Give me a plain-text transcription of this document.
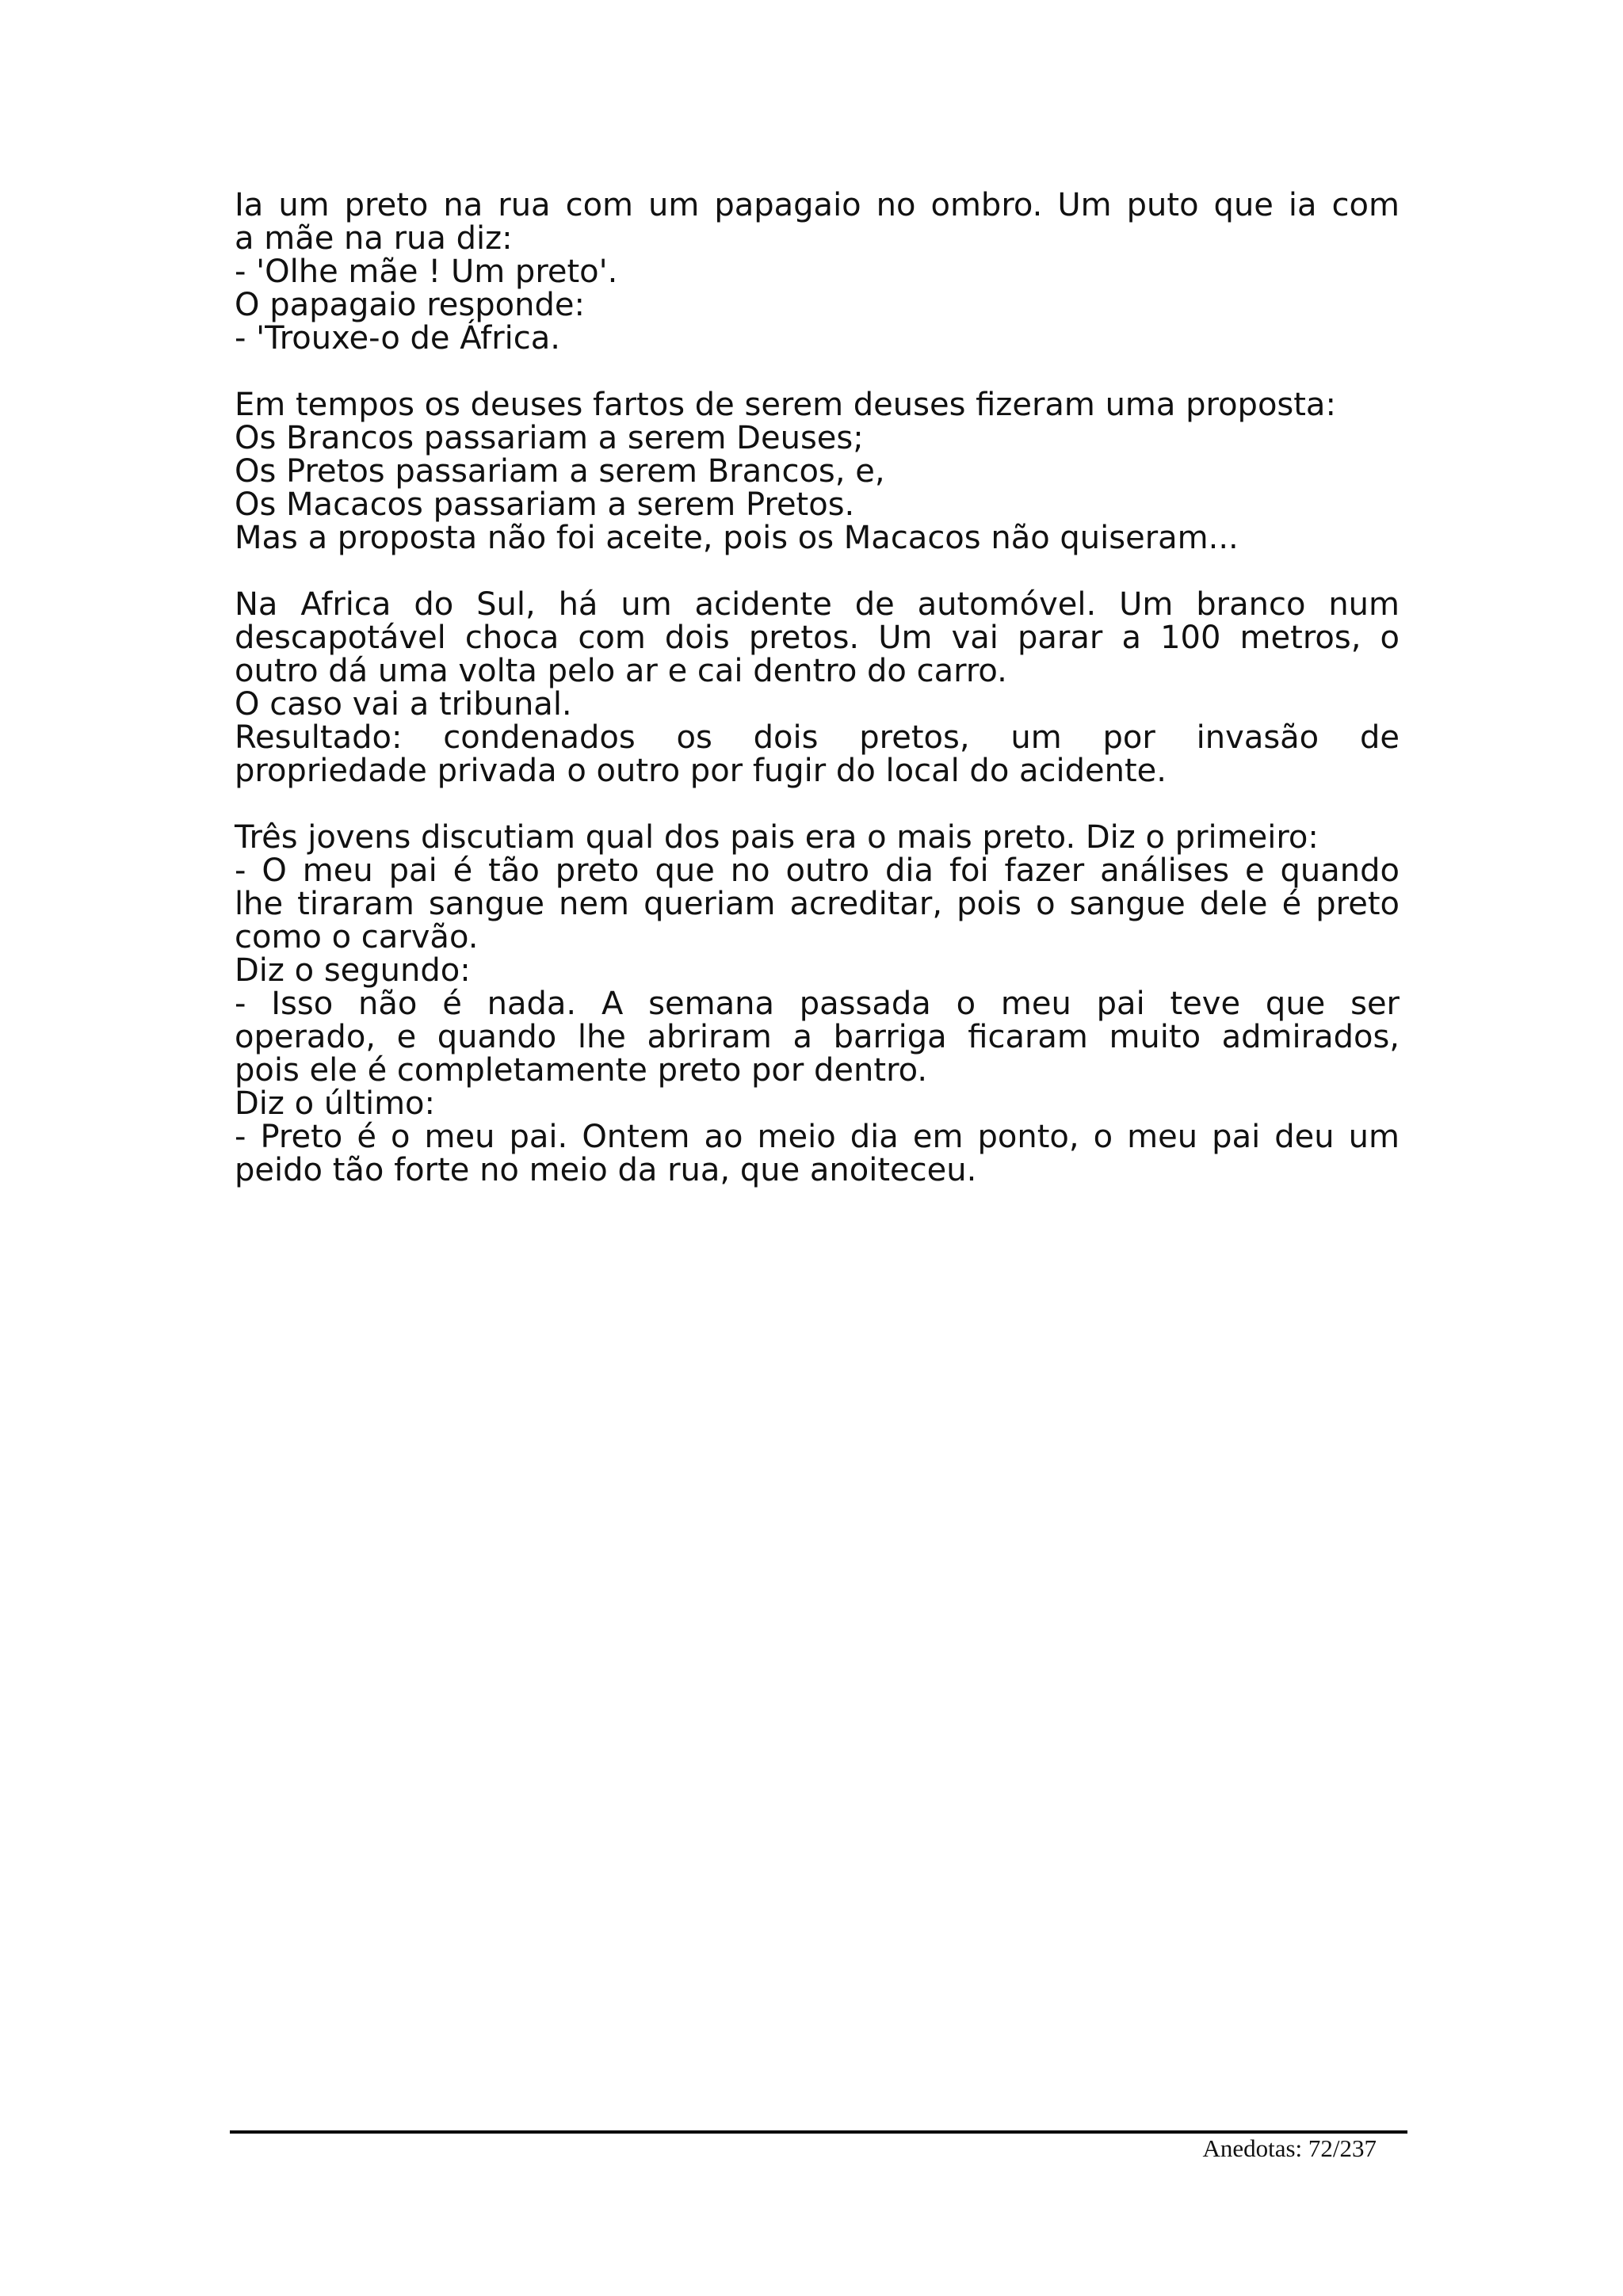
Ia um preto na rua com um papagaio no ombro. Um puto que ia com
a mãe na rua diz:
- 'Olhe mãe ! Um preto'.
O papagaio responde:
- 'Trouxe-o de África.
Em tempos os deuses fartos de serem deuses fizeram uma proposta:
Os Brancos passariam a serem Deuses;
Os Pretos passariam a serem Brancos, e,
Os Macacos passariam a serem Pretos.
Mas a proposta não foi aceite, pois os Macacos não quiseram...
Na Africa do Sul, há um acidente de automóvel. Um branco num
descapotável choca com dois pretos. Um vai parar a 100 metros, o
outro dá uma volta pelo ar e cai dentro do carro.
O caso vai a tribunal.
Resultado: condenados os dois pretos, um por invasão de
propriedade privada o outro por fugir do local do acidente.
Três jovens discutiam qual dos pais era o mais preto. Diz o primeiro:
- O meu pai é tão preto que no outro dia foi fazer análises e quando
lhe tiraram sangue nem queriam acreditar, pois o sangue dele é preto
como o carvão.
Diz o segundo:
- Isso não é nada. A semana passada o meu pai teve que ser
operado, e quando lhe abriram a barriga ficaram muito admirados,
pois ele é completamente preto por dentro.
Diz o último:
- Preto é o meu pai. Ontem ao meio dia em ponto, o meu pai deu um
peido tão forte no meio da rua, que anoiteceu.
Anedotas: 72/237
